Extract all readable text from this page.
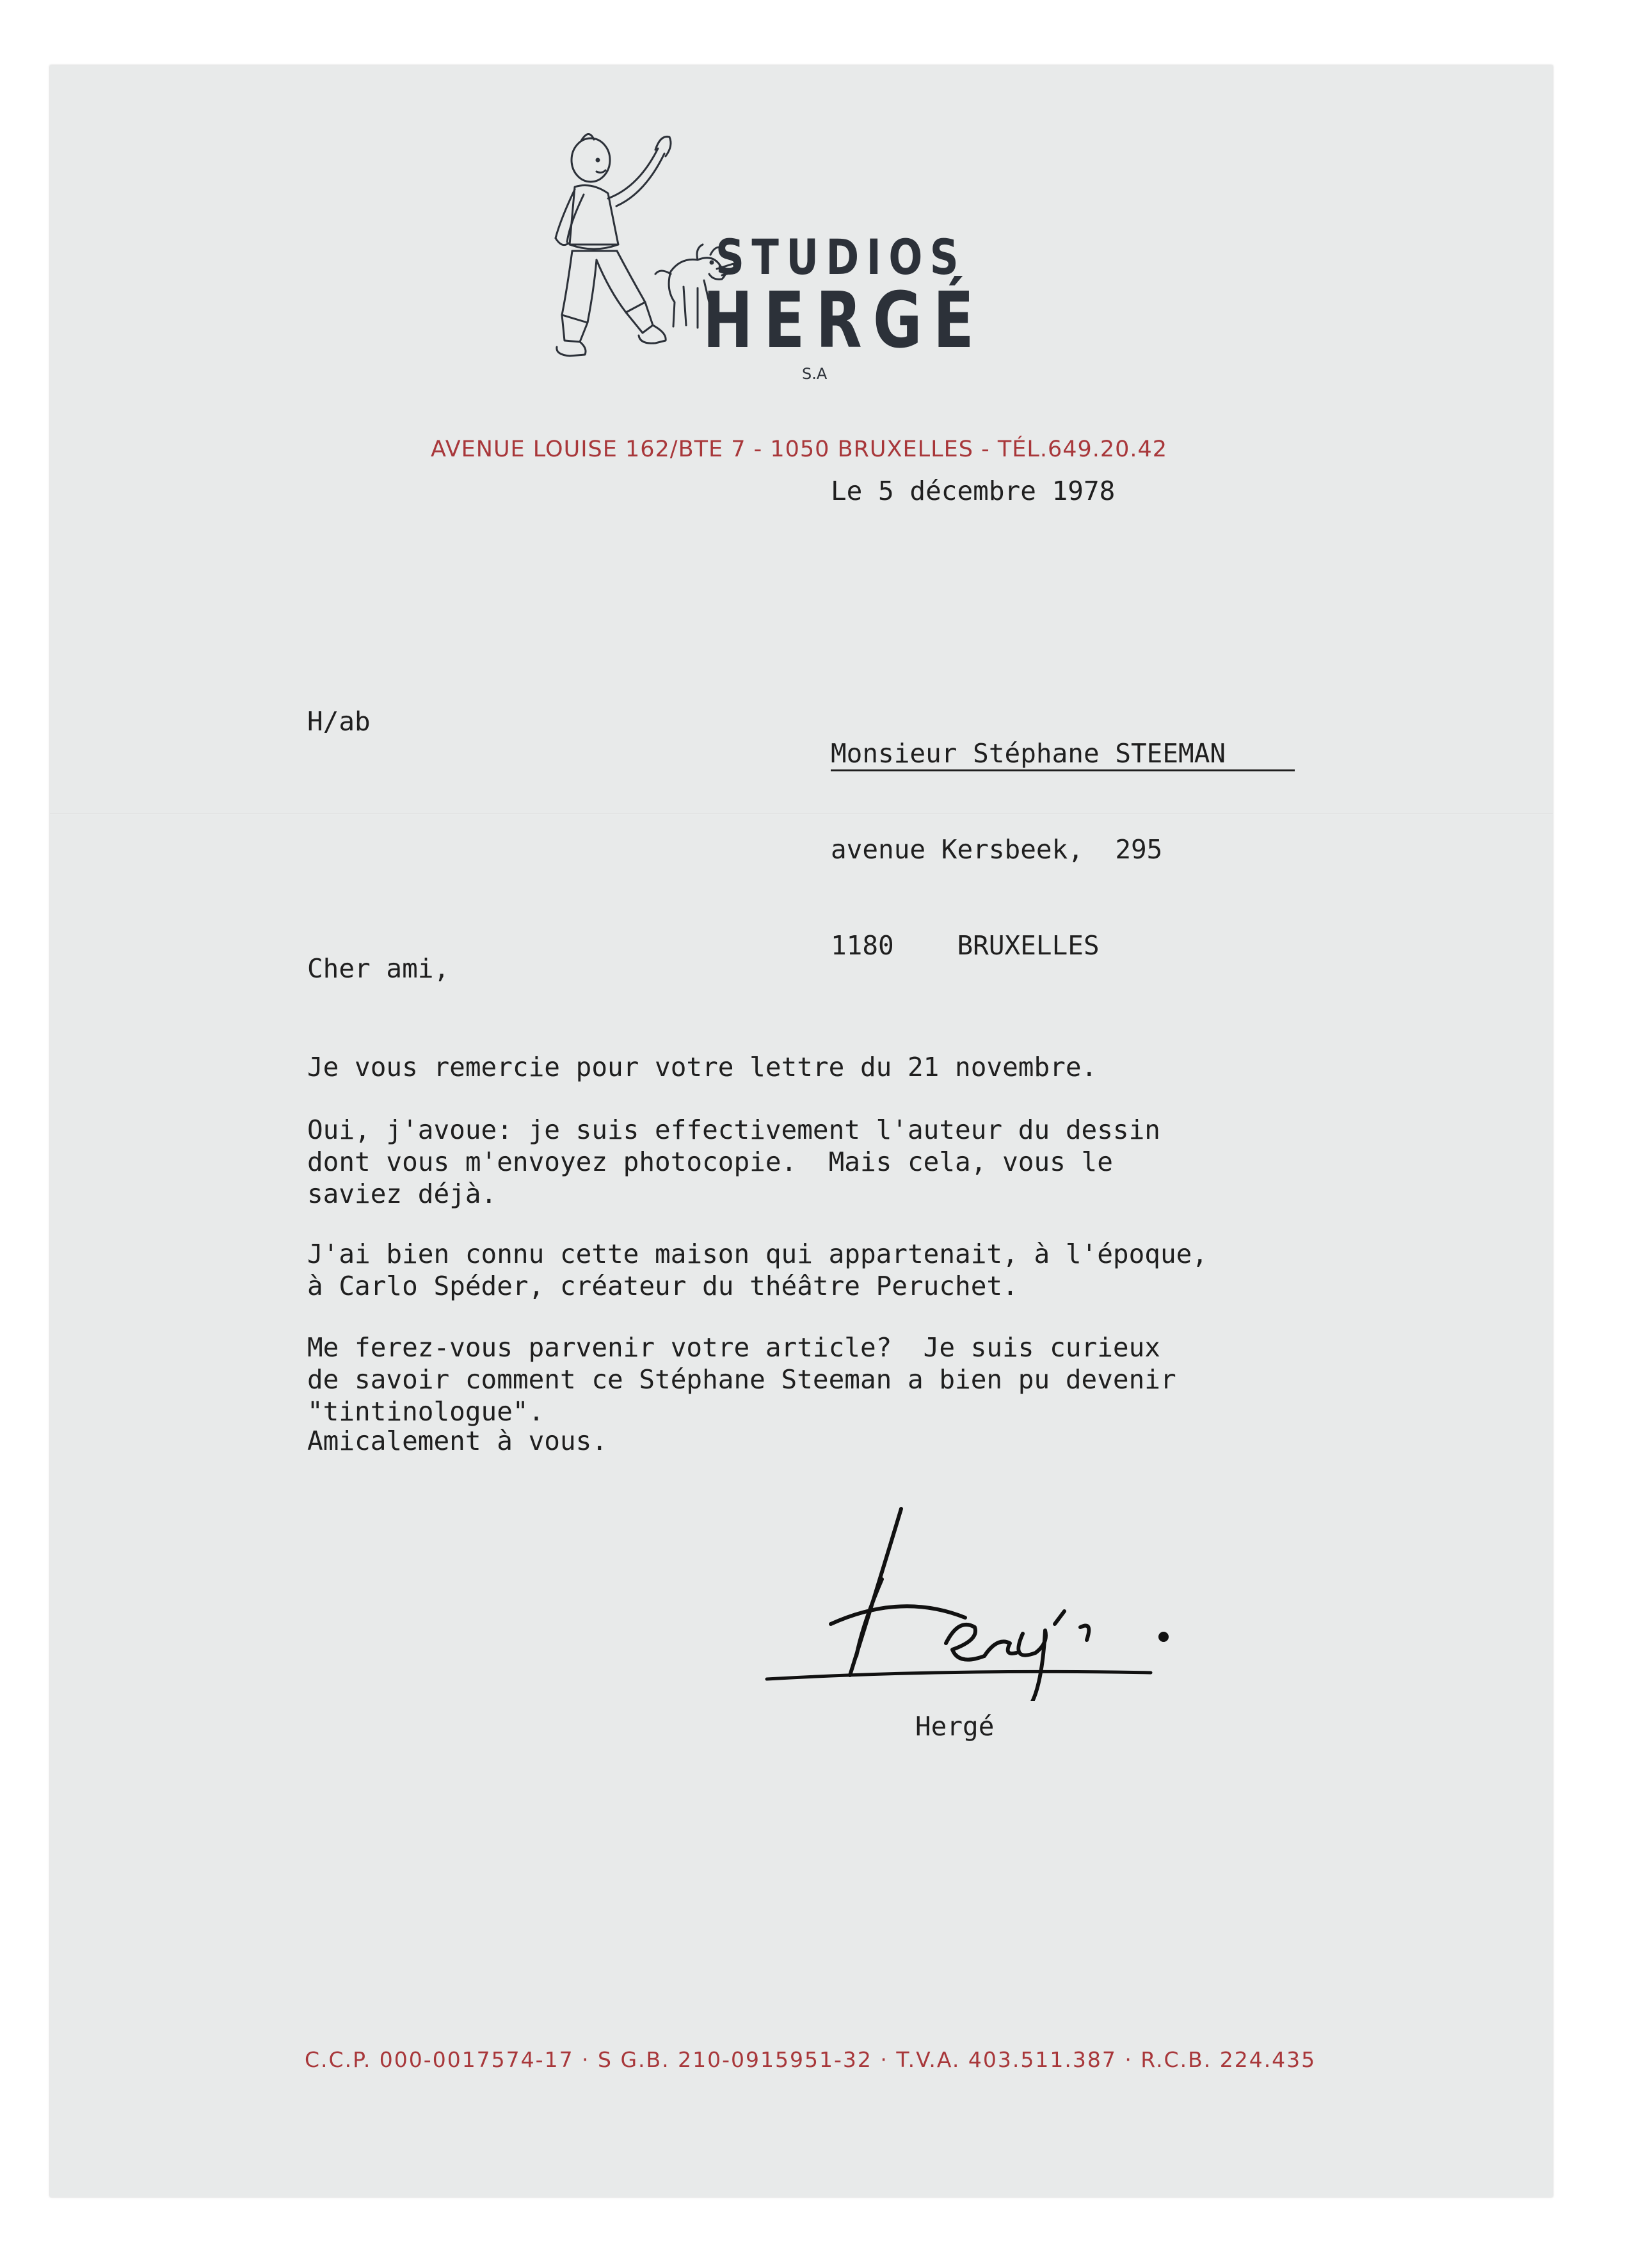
STUDIOS
HERGÉ
S.A
AVENUE LOUISE 162/BTE 7 - 1050 BRUXELLES - TÉL.649.20.42
Le 5 décembre 1978
H/ab

Monsieur Stéphane STEEMAN

avenue Kersbeek,  295

1180    BRUXELLES

Cher ami,
Je vous remercie pour votre lettre du 21 novembre.
Oui, j'avoue: je suis effectivement l'auteur du dessin
dont vous m'envoyez photocopie.  Mais cela, vous le
saviez déjà.
J'ai bien connu cette maison qui appartenait, à l'époque,
à Carlo Spéder, créateur du théâtre Peruchet.
Me ferez-vous parvenir votre article?  Je suis curieux
de savoir comment ce Stéphane Steeman a bien pu devenir
"tintinologue".
Amicalement à vous.
Hergé
C.C.P. 000-0017574-17 · S G.B. 210-0915951-32 · T.V.A. 403.511.387 · R.C.B. 224.435
